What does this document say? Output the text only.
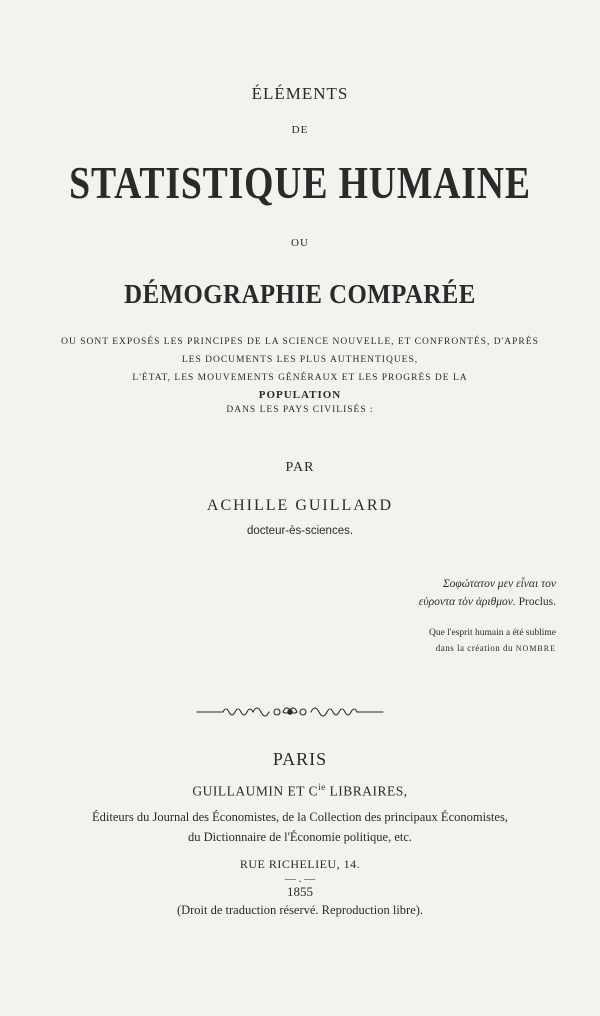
ÉLÉMENTS
DE
STATISTIQUE HUMAINE
OU
DÉMOGRAPHIE COMPARÉE
OU SONT EXPOSÉS LES PRINCIPES DE LA SCIENCE NOUVELLE, ET CONFRONTÉS, D'APRÈS
LES DOCUMENTS LES PLUS AUTHENTIQUES,
L'ÉTAT, LES MOUVEMENTS GÉNÉRAUX ET LES PROGRÈS DE LA
POPULATION
DANS LES PAYS CIVILISÉS :
PAR
ACHILLE GUILLARD
docteur-ès-sciences.
Σοφώτατον μεν εἶναι τον
εὑροντα τὸν ἀριθμον. Proclus.
Que l'esprit humain a été sublime
dans la création du NOMBRE
PARIS
GUILLAUMIN ET $C^{ie}$ LIBRAIRES,
Éditeurs du Journal des Économistes, de la Collection des principaux Économistes,
du Dictionnaire de l'Économie politique, etc.
RUE RICHELIEU, 14.
— . —
1855
(Droit de traduction réservé. Reproduction libre).
